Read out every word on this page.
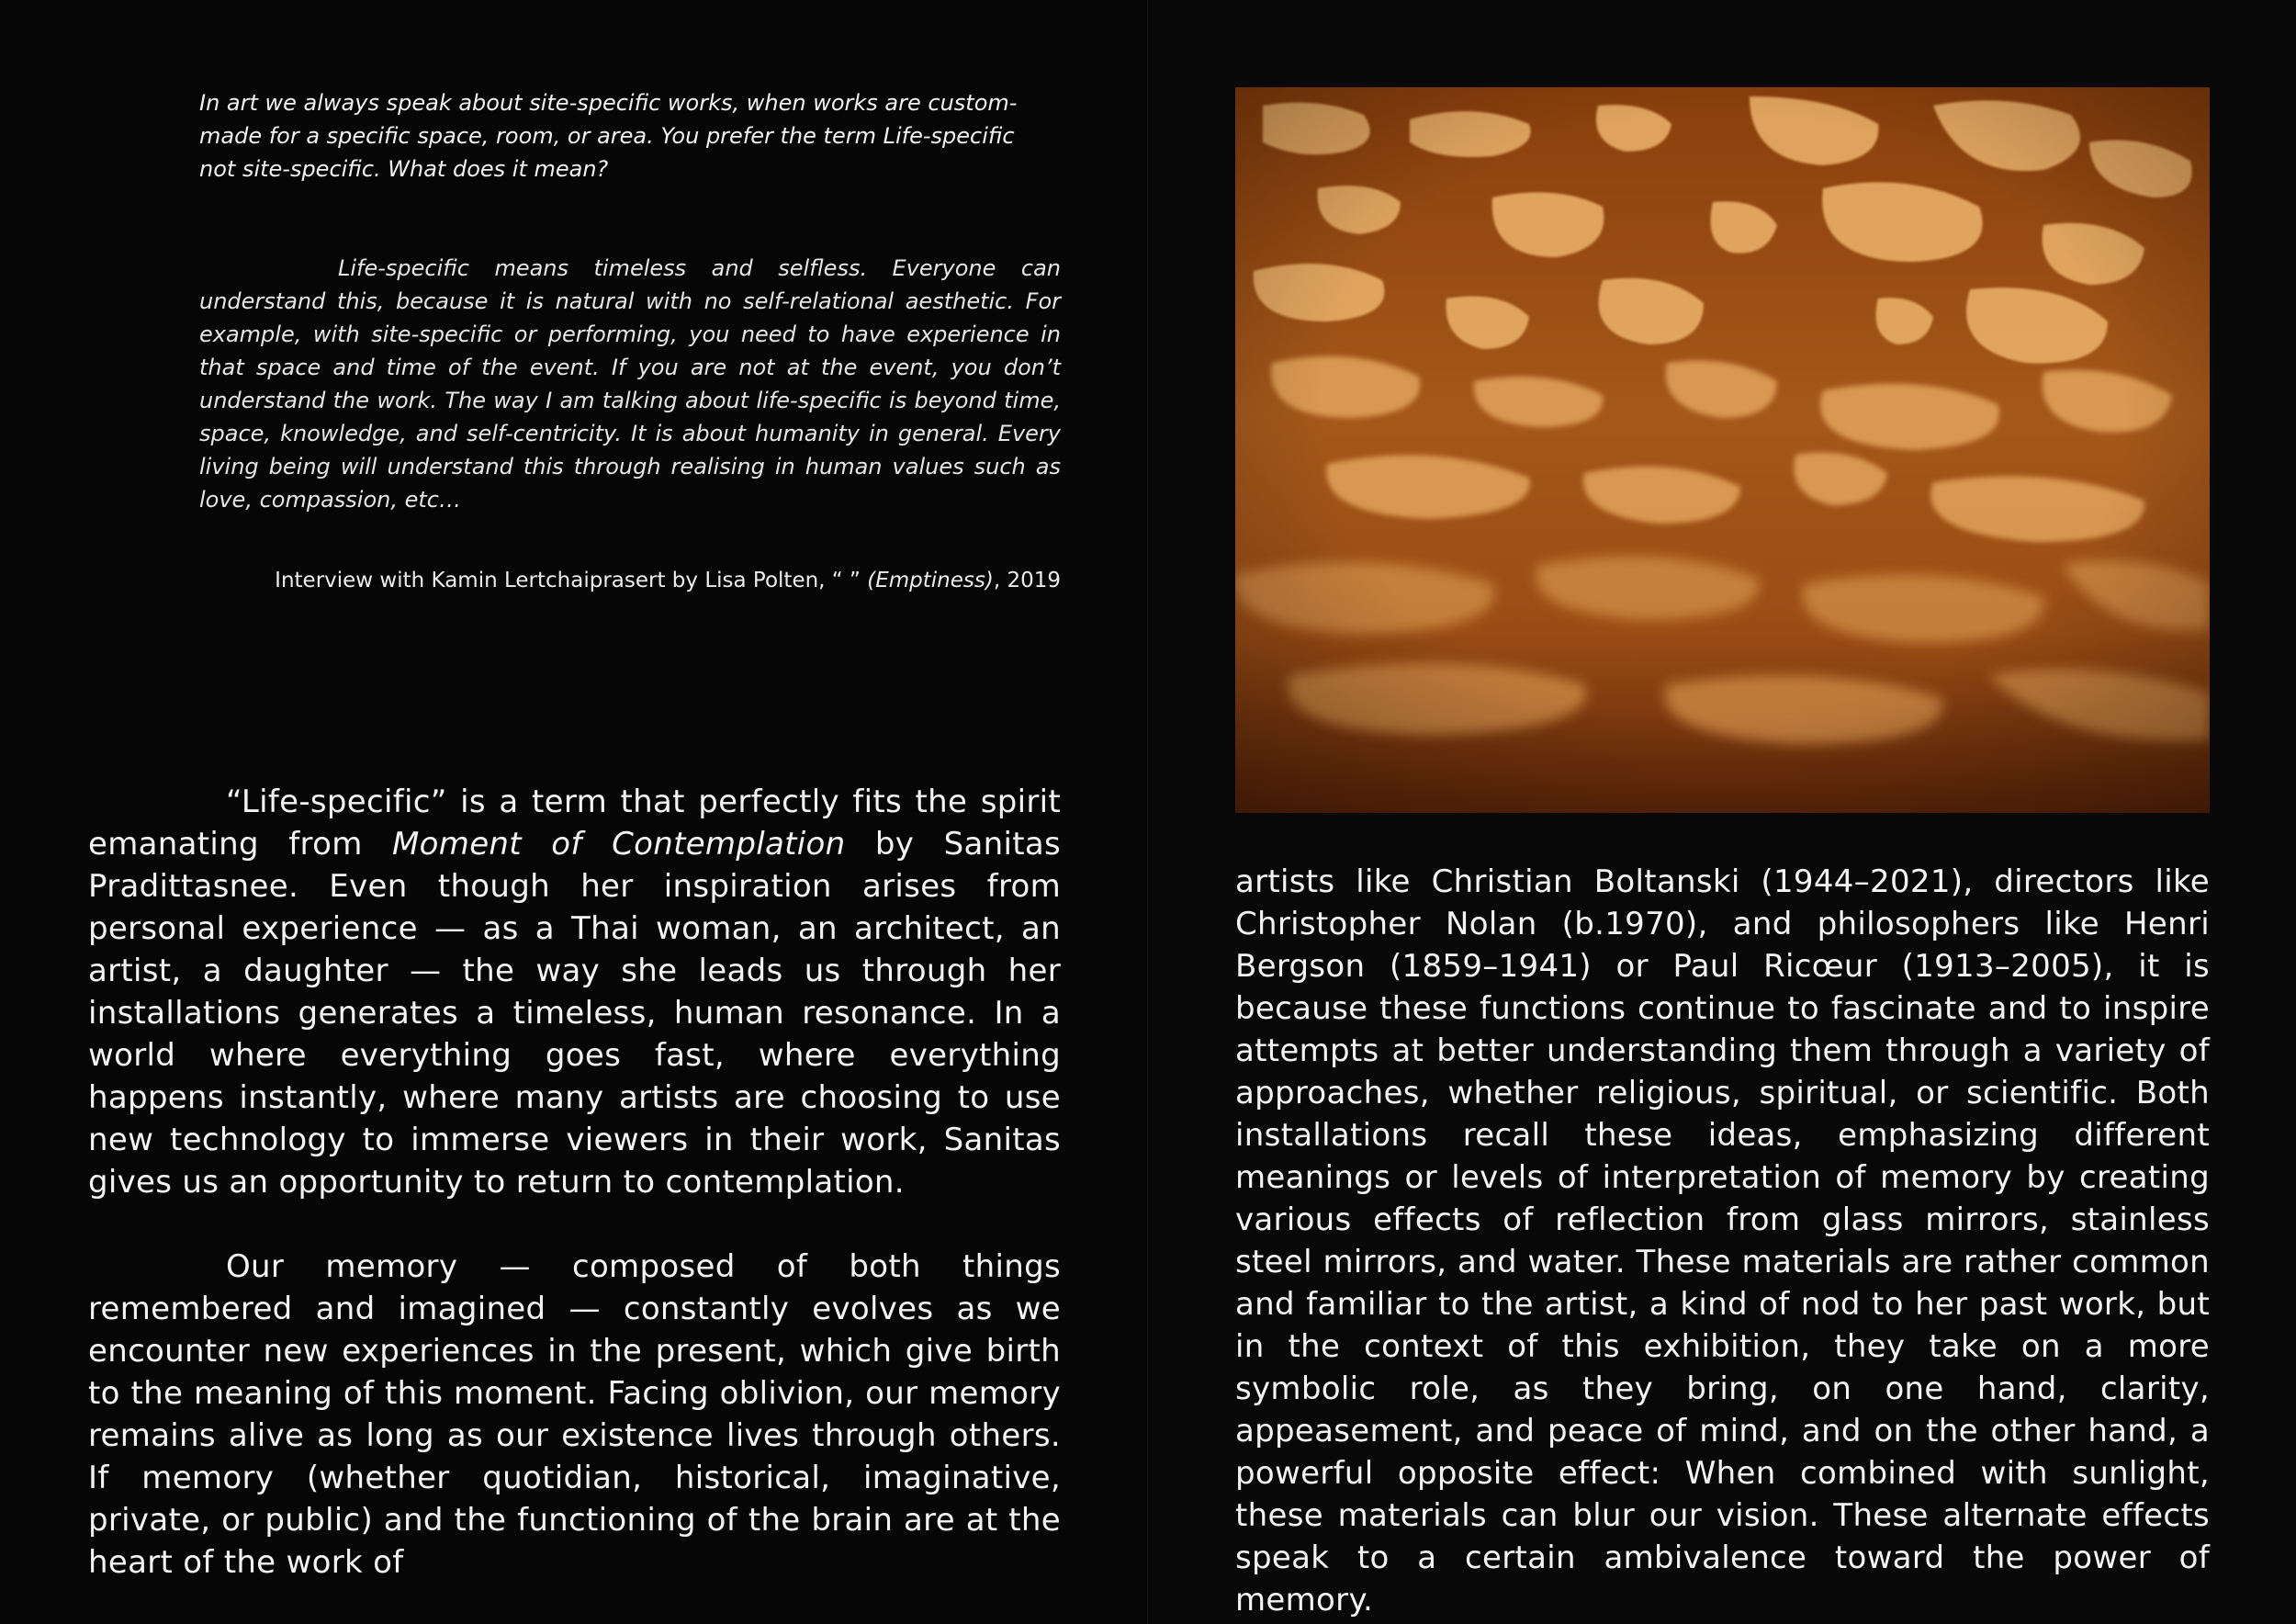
In art we always speak about site-specific works, when works are custom-made for a specific space, room, or area. You prefer the term Life-specific not site-specific. What does it mean?

Life-specific means timeless and selfless. Everyone can understand this, because it is natural with no self-relational aesthetic. For example, with site-specific or performing, you need to have experience in that space and time of the event. If you are not at the event, you don’t understand the work. The way I am talking about life-specific is beyond time, space, knowledge, and self-centricity. It is about humanity in general. Every living being will understand this through realising in human values such as love, compassion, etc…

Interview with Kamin Lertchaiprasert by Lisa Polten, “ ” (Emptiness), 2019

“Life-specific” is a term that perfectly fits the spirit emanating from Moment of Contemplation by Sanitas Pradittasnee. Even though her inspiration arises from personal experience — as a Thai woman, an architect, an artist, a daughter — the way she leads us through her installations generates a timeless, human resonance. In a world where everything goes fast, where everything happens instantly, where many artists are choosing to use new technology to immerse viewers in their work, Sanitas gives us an opportunity to return to contemplation.

Our memory — composed of both things remembered and imagined — constantly evolves as we encounter new experiences in the present, which give birth to the meaning of this moment. Facing oblivion, our memory remains alive as long as our existence lives through others. If memory (whether quotidian, historical, imaginative, private, or public) and the functioning of the brain are at the heart of the work of

artists like Christian Boltanski (1944–2021), directors like Christopher Nolan (b.1970), and philosophers like Henri Bergson (1859–1941) or Paul Ricœur (1913–2005), it is because these functions continue to fascinate and to inspire attempts at better understanding them through a variety of approaches, whether religious, spiritual, or scientific. Both installations recall these ideas, emphasizing different meanings or levels of interpretation of memory by creating various effects of reflection from glass mirrors, stainless steel mirrors, and water. These materials are rather common and familiar to the artist, a kind of nod to her past work, but in the context of this exhibition, they take on a more symbolic role, as they bring, on one hand, clarity, appeasement, and peace of mind, and on the other hand, a powerful opposite effect: When combined with sunlight, these materials can blur our vision. These alternate effects speak to a certain ambivalence toward the power of memory.
